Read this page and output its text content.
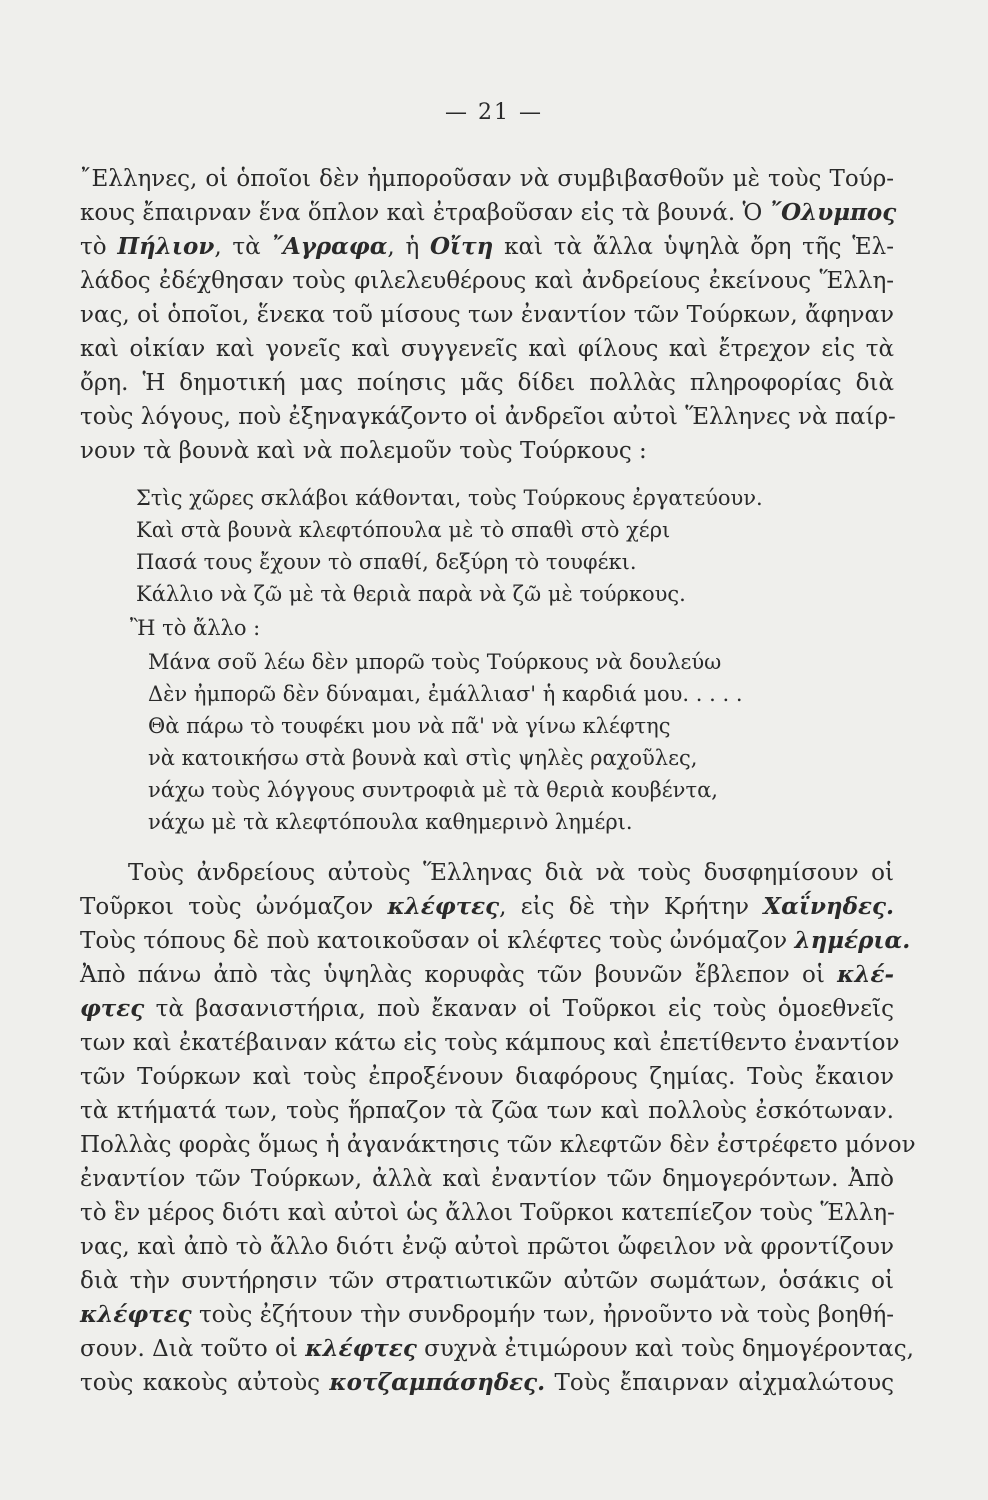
— 21 —
῎Ελληνες, οἱ ὁποῖοι δὲν ἠμποροῦσαν νὰ συμβιβασθοῦν μὲ τοὺς Τούρ-
κους ἔπαιρναν ἕνα ὅπλον καὶ ἐτραβοῦσαν εἰς τὰ βουνά. Ὁ ῎Ολυμπος
τὸ Πήλιον, τὰ ῎Αγραφα, ἡ Οἴτη καὶ τὰ ἄλλα ὑψηλὰ ὄρη τῆς Ἑλ-
λάδος ἐδέχθησαν τοὺς φιλελευθέρους καὶ ἀνδρείους ἐκείνους Ἕλλη-
νας, οἱ ὁποῖοι, ἕνεκα τοῦ μίσους των ἐναντίον τῶν Τούρκων, ἄφηναν
καὶ οἰκίαν καὶ γονεῖς καὶ συγγενεῖς καὶ φίλους καὶ ἔτρεχον εἰς τὰ
ὄρη. Ἡ δημοτική μας ποίησις μᾶς δίδει πολλὰς πληροφορίας διὰ
τοὺς λόγους, ποὺ ἐξηναγκάζοντο οἱ ἀνδρεῖοι αὐτοὶ Ἕλληνες νὰ παίρ-
νουν τὰ βουνὰ καὶ νὰ πολεμοῦν τοὺς Τούρκους :
Στὶς χῶρες σκλάβοι κάθονται, τοὺς Τούρκους ἐργατεύουν.
Καὶ στὰ βουνὰ κλεφτόπουλα μὲ τὸ σπαθὶ στὸ χέρι
Πασά τους ἔχουν τὸ σπαθί, δεξύρη τὸ τουφέκι.
Κάλλιο νὰ ζῶ μὲ τὰ θεριὰ παρὰ νὰ ζῶ μὲ τούρκους.
Ἢ τὸ ἄλλο :
Μάνα σοῦ λέω δὲν μπορῶ τοὺς Τούρκους νὰ δουλεύω
Δὲν ἠμπορῶ δὲν δύναμαι, ἐμάλλιασ' ἡ καρδιά μου. . . . .
Θὰ πάρω τὸ τουφέκι μου νὰ πᾶ' νὰ γίνω κλέφτης
νὰ κατοικήσω στὰ βουνὰ καὶ στὶς ψηλὲς ραχοῦλες,
νάχω τοὺς λόγγους συντροφιὰ μὲ τὰ θεριὰ κουβέντα,
νάχω μὲ τὰ κλεφτόπουλα καθημερινὸ λημέρι.
Τοὺς ἀνδρείους αὐτοὺς Ἕλληνας διὰ νὰ τοὺς δυσφημίσουν οἱ
Τοῦρκοι τοὺς ὠνόμαζον κλέφτες, εἰς δὲ τὴν Κρήτην Χαΐνηδες.
Τοὺς τόπους δὲ ποὺ κατοικοῦσαν οἱ κλέφτες τοὺς ὠνόμαζον λημέρια.
Ἀπὸ πάνω ἀπὸ τὰς ὑψηλὰς κορυφὰς τῶν βουνῶν ἔβλεπον οἱ κλέ-
φτες τὰ βασανιστήρια, ποὺ ἔκαναν οἱ Τοῦρκοι εἰς τοὺς ὁμοεθνεῖς
των καὶ ἐκατέβαιναν κάτω εἰς τοὺς κάμπους καὶ ἐπετίθεντο ἐναντίον
τῶν Τούρκων καὶ τοὺς ἐπροξένουν διαφόρους ζημίας. Τοὺς ἔκαιον
τὰ κτήματά των, τοὺς ἥρπαζον τὰ ζῶα των καὶ πολλοὺς ἐσκότωναν.
Πολλὰς φορὰς ὅμως ἡ ἀγανάκτησις τῶν κλεφτῶν δὲν ἐστρέφετο μόνον
ἐναντίον τῶν Τούρκων, ἀλλὰ καὶ ἐναντίον τῶν δημογερόντων. Ἀπὸ
τὸ ἓν μέρος διότι καὶ αὐτοὶ ὡς ἄλλοι Τοῦρκοι κατεπίεζον τοὺς Ἕλλη-
νας, καὶ ἀπὸ τὸ ἄλλο διότι ἐνῷ αὐτοὶ πρῶτοι ὤφειλον νὰ φροντίζουν
διὰ τὴν συντήρησιν τῶν στρατιωτικῶν αὐτῶν σωμάτων, ὁσάκις οἱ
κλέφτες τοὺς ἐζήτουν τὴν συνδρομήν των, ἠρνοῦντο νὰ τοὺς βοηθή-
σουν. Διὰ τοῦτο οἱ κλέφτες συχνὰ ἐτιμώρουν καὶ τοὺς δημογέροντας,
τοὺς κακοὺς αὐτοὺς κοτζαμπάσηδες. Τοὺς ἔπαιρναν αἰχμαλώτους
